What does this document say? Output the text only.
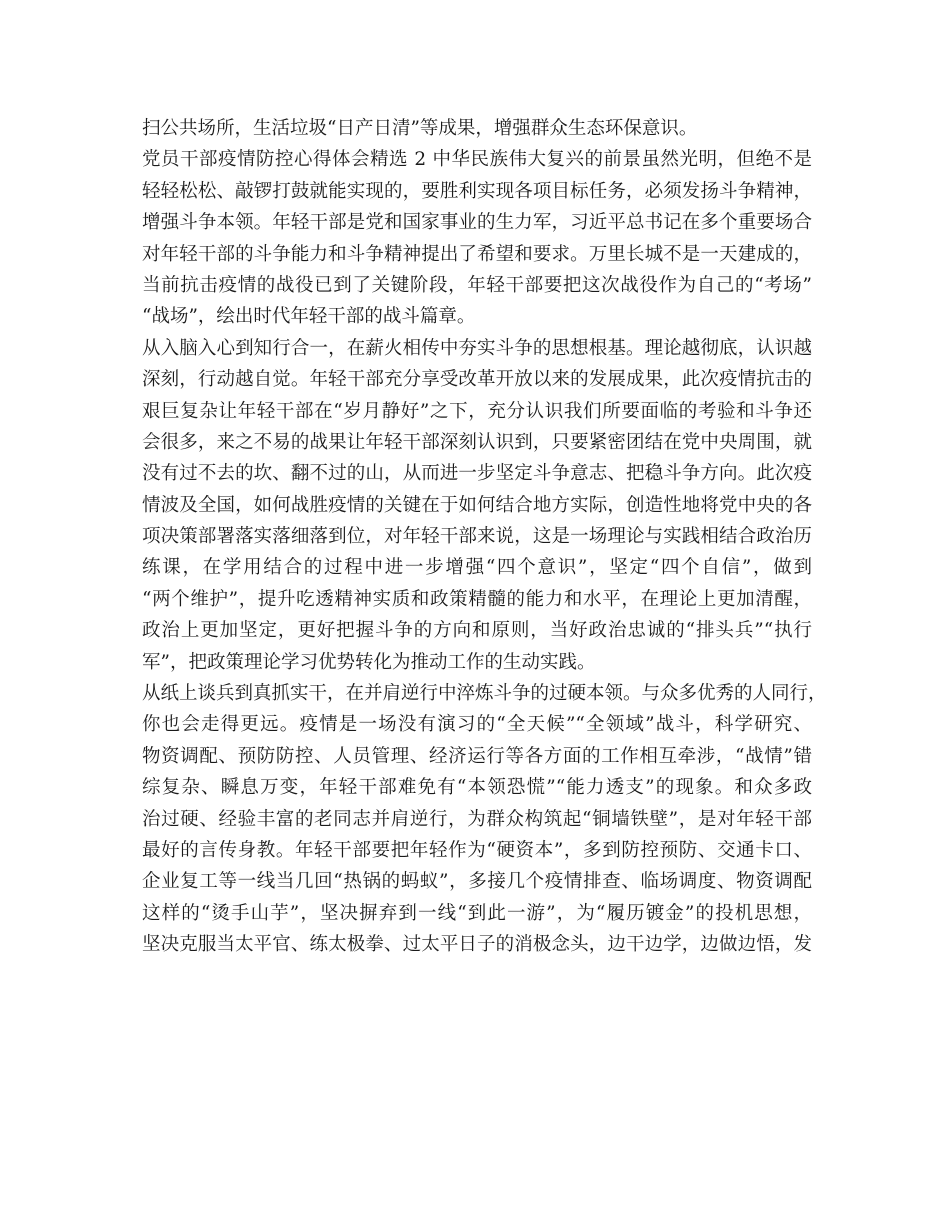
扫公共场所，生活垃圾“日产日清”等成果，增强群众生态环保意识。
党员干部疫情防控心得体会精选 2 中华民族伟大复兴的前景虽然光明，但绝不是
轻轻松松、敲锣打鼓就能实现的，要胜利实现各项目标任务，必须发扬斗争精神，
增强斗争本领。年轻干部是党和国家事业的生力军，习近平总书记在多个重要场合
对年轻干部的斗争能力和斗争精神提出了希望和要求。万里长城不是一天建成的，
当前抗击疫情的战役已到了关键阶段，年轻干部要把这次战役作为自己的“考场”
“战场”，绘出时代年轻干部的战斗篇章。
从入脑入心到知行合一，在薪火相传中夯实斗争的思想根基。理论越彻底，认识越
深刻，行动越自觉。年轻干部充分享受改革开放以来的发展成果，此次疫情抗击的
艰巨复杂让年轻干部在“岁月静好”之下，充分认识我们所要面临的考验和斗争还
会很多，来之不易的战果让年轻干部深刻认识到，只要紧密团结在党中央周围，就
没有过不去的坎、翻不过的山，从而进一步坚定斗争意志、把稳斗争方向。此次疫
情波及全国，如何战胜疫情的关键在于如何结合地方实际，创造性地将党中央的各
项决策部署落实落细落到位，对年轻干部来说，这是一场理论与实践相结合政治历
练课，在学用结合的过程中进一步增强“四个意识”，坚定“四个自信”，做到
“两个维护”，提升吃透精神实质和政策精髓的能力和水平，在理论上更加清醒，
政治上更加坚定，更好把握斗争的方向和原则，当好政治忠诚的“排头兵”“执行
军”，把政策理论学习优势转化为推动工作的生动实践。
从纸上谈兵到真抓实干，在并肩逆行中淬炼斗争的过硬本领。与众多优秀的人同行，
你也会走得更远。疫情是一场没有演习的“全天候”“全领域”战斗，科学研究、
物资调配、预防防控、人员管理、经济运行等各方面的工作相互牵涉，“战情”错
综复杂、瞬息万变，年轻干部难免有“本领恐慌”“能力透支”的现象。和众多政
治过硬、经验丰富的老同志并肩逆行，为群众构筑起“铜墙铁壁”，是对年轻干部
最好的言传身教。年轻干部要把年轻作为“硬资本”，多到防控预防、交通卡口、
企业复工等一线当几回“热锅的蚂蚁”，多接几个疫情排查、临场调度、物资调配
这样的“烫手山芋”，坚决摒弃到一线“到此一游”，为“履历镀金”的投机思想，
坚决克服当太平官、练太极拳、过太平日子的消极念头，边干边学，边做边悟，发
